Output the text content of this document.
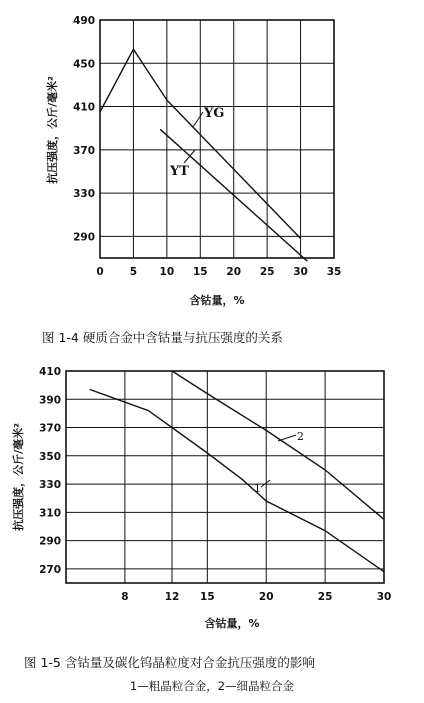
290
330
370
410
450
490
0 5 10 15 20 25 30 35
抗压强度，公斤/毫米²
含钴量，%
YG
YT
图 1-4 硬质合金中含钴量与抗压强度的关系
270
290
310
330
350
370
390
410
8	12 15	20	25	30
抗压强度，公斤/毫米²
含钴量，%
2
1
图 1-5 含钴量及碳化钨晶粒度对合金抗压强度的影响
1—粗晶粒合金，2—细晶粒合金
